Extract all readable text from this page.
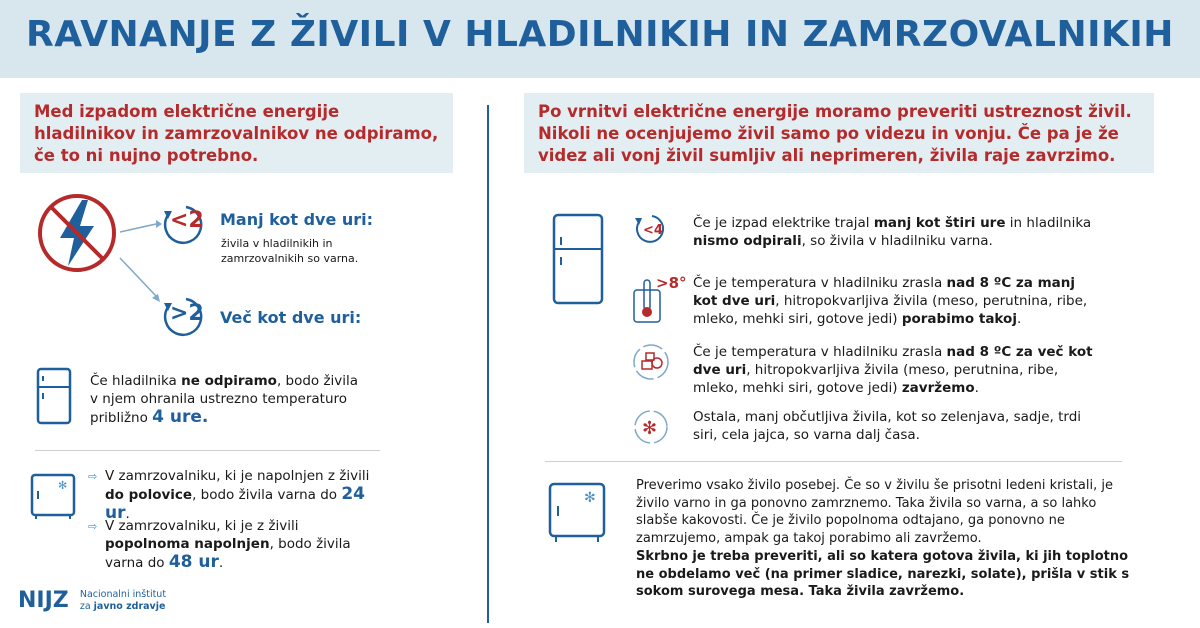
RAVNANJE Z ŽIVILI V HLADILNIKIH IN ZAMRZOVALNIKIH
Med izpadom električne energije hladilnikov in zamrzovalnikov ne odpiramo, če to ni nujno potrebno.
Po vrnitvi električne energije moramo preveriti ustreznost živil. Nikoli ne ocenjujemo živil samo po videzu in vonju. Če pa je že videz ali vonj živil sumljiv ali neprimeren, živila raje zavrzimo.
<2 Manj kot dve uri:
živila v hladilnikih in zamrzovalnikih so varna.
>2 Več kot dve uri:
Če hladilnika ne odpiramo, bodo živila v njem ohranila ustrezno temperaturo približno 4 ure.
✻
⇨ V zamrzovalniku, ki je napolnjen z živili do polovice, bodo živila varna do 24 ur.
⇨ V zamrzovalniku, ki je z živili popolnoma napolnjen, bodo živila varna do 48 ur.
NIJZ Nacionalni inštitut
za javno zdravje
<4 Če je izpad elektrike trajal manj kot štiri ure in hladilnika nismo odpirali, so živila v hladilniku varna.
>8° Če je temperatura v hladilniku zrasla nad 8 ºC za manj kot dve uri, hitropokvarljiva živila (meso, perutnina, ribe, mleko, mehki siri, gotove jedi) porabimo takoj.
Če je temperatura v hladilniku zrasla nad 8 ºC za več kot dve uri, hitropokvarljiva živila (meso, perutnina, ribe, mleko, mehki siri, gotove jedi) zavržemo.
✻
Ostala, manj občutljiva živila, kot so zelenjava, sadje, trdi siri, cela jajca, so varna dalj časa.
✻
Preverimo vsako živilo posebej. Če so v živilu še prisotni ledeni kristali, je živilo varno in ga ponovno zamrznemo. Taka živila so varna, a so lahko slabše kakovosti. Če je živilo popolnoma odtajano, ga ponovno ne zamrzujemo, ampak ga takoj porabimo ali zavržemo.
Skrbno je treba preveriti, ali so katera gotova živila, ki jih toplotno ne obdelamo več (na primer sladice, narezki, solate), prišla v stik s sokom surovega mesa. Taka živila zavržemo.
